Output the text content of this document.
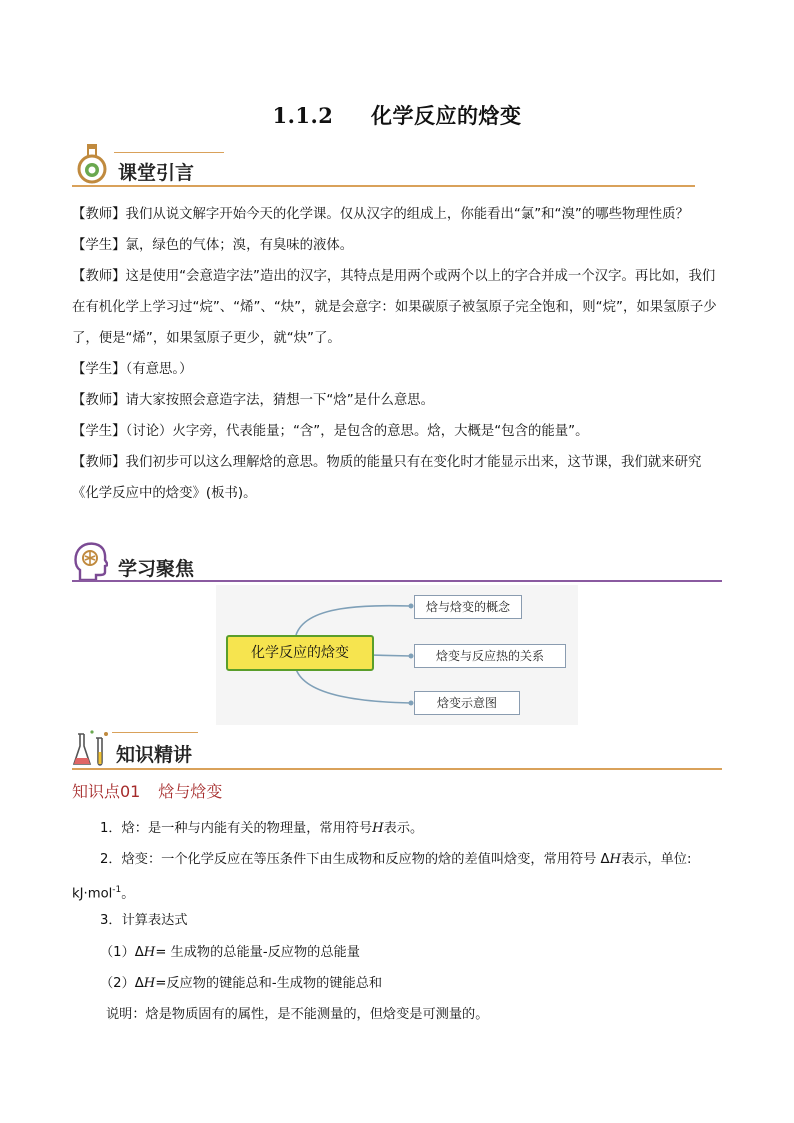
1.1.2 化学反应的焓变
课堂引言

【教师】我们从说文解字开始今天的化学课。仅从汉字的组成上，你能看出“氯”和“溴”的哪些物理性质？

【学生】氯，绿色的气体；溴，有臭味的液体。

【教师】这是使用“会意造字法”造出的汉字，其特点是用两个或两个以上的字合并成一个汉字。再比如，我们在有机化学上学习过“烷”、“烯”、“炔”，就是会意字：如果碳原子被氢原子完全饱和，则“烷”，如果氢原子少了，便是“烯”，如果氢原子更少，就“炔”了。

【学生】（有意思。）

【教师】请大家按照会意造字法，猜想一下“焓”是什么意思。

【学生】（讨论）火字旁，代表能量；“含”，是包含的意思。焓，大概是“包含的能量”。

【教师】我们初步可以这么理解焓的意思。物质的能量只有在变化时才能显示出来，这节课，我们就来研究《化学反应中的焓变》(板书)。

学习聚焦
化学反应的焓变
焓与焓变的概念
焓变与反应热的关系
焓变示意图
知识精讲
知识点01 焓与焓变
1．焓：是一种与内能有关的物理量，常用符号H表示。
2．焓变：一个化学反应在等压条件下由生成物和反应物的焓的差值叫焓变，常用符号 ΔH表示，单位:
kJ·mol$^{-1}$。
3．计算表达式
（1）ΔH= 生成物的总能量-反应物的总能量
（2）ΔH=反应物的键能总和-生成物的键能总和
说明：焓是物质固有的属性，是不能测量的，但焓变是可测量的。
